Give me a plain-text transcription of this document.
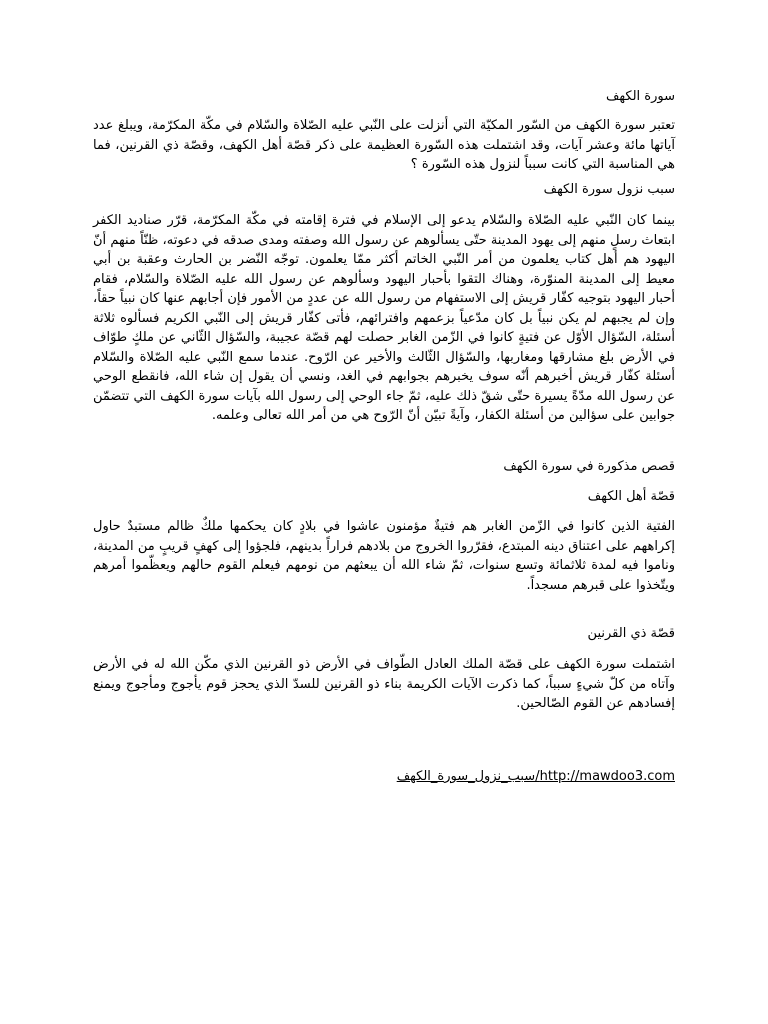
سورة الكهف

تعتبر سورة الكهف من السّور المكيّة التي أنزلت على النّبي عليه الصّلاة والسّلام في مكّة المكرّمة، ويبلغ عدد آياتها مائة وعشر آيات، وقد اشتملت هذه السّورة العظيمة على ذكر قصّة أهل الكهف، وقصّة ذي القرنين، فما هي المناسبة التي كانت سبباً لنزول هذه السّورة ؟

سبب نزول سورة الكهف

بينما كان النّبي عليه الصّلاة والسّلام يدعو إلى الإسلام في فترة إقامته في مكّة المكرّمة، قرّر صناديد الكفر ابتعاث رسلٍ منهم إلى يهود المدينة حتّى يسألوهم عن رسول الله وصفته ومدى صدقه في دعوته، ظنّاً منهم أنّ اليهود هم أهل كتاب يعلمون من أمر النّبي الخاتم أكثر ممّا يعلمون. توجّه النّضر بن الحارث وعقبة بن أبي معيط إلى المدينة المنوّرة، وهناك التقوا بأحبار اليهود وسألوهم عن رسول الله عليه الصّلاة والسّلام، فقام أحبار اليهود بتوجيه كفّار قريش إلى الاستفهام من رسول الله عن عددٍ من الأمور فإن أجابهم عنها كان نبياً حقاً، وإن لم يجبهم لم يكن نبياً بل كان مدّعياً بزعمهم وافترائهم، فأتى كفّار قريش إلى النّبي الكريم فسألوه ثلاثة أسئلة، السّؤال الأوّل عن فتيةٍ كانوا في الزّمن الغابر حصلت لهم قصّة عجيبة، والسّؤال الثّاني عن ملكٍ طوّاف في الأرض بلغ مشارقها ومغاربها، والسّؤال الثّالث والأخير عن الرّوح. عندما سمع النّبي عليه الصّلاة والسّلام أسئلة كفّار قريش أخبرهم أنّه سوف يخبرهم بجوابهم في الغد، ونسي أن يقول إن شاء الله، فانقطع الوحي عن رسول الله مدّةً يسيرة حتّى شقّ ذلك عليه، ثمّ جاء الوحي إلى رسول الله بآيات سورة الكهف التي تتضمّن جوابين على سؤالين من أسئلة الكفار، وآيةً تبيّن أنّ الرّوح هي من أمر الله تعالى وعلمه.

قصص مذكورة في سورة الكهف

قصّة أهل الكهف

الفتية الذين كانوا في الزّمن الغابر هم فتيةٌ مؤمنون عاشوا في بلادٍ كان يحكمها ملكٌ ظالم مستبدٌ حاول إكراههم على اعتناق دينه المبتدع، فقرّروا الخروج من بلادهم فراراً بدينهم، فلجؤوا إلى كهفٍ قريبٍ من المدينة، وناموا فيه لمدة ثلاثمائة وتسع سنوات، ثمّ شاء الله أن يبعثهم من نومهم فيعلم القوم حالهم ويعظّموا أمرهم ويتّخذوا على قبرهم مسجداً.

قصّة ذي القرنين

اشتملت سورة الكهف على قصّة الملك العادل الطّواف في الأرض ذو القرنين الذي مكّن الله له في الأرض وآتاه من كلّ شيءٍ سبباً، كما ذكرت الآيات الكريمة بناء ذو القرنين للسدّ الذي يحجز قوم يأجوج ومأجوج ويمنع إفسادهم عن القوم الصّالحين.

http://mawdoo3.com/سبب_نزول_سورة_الكهف
